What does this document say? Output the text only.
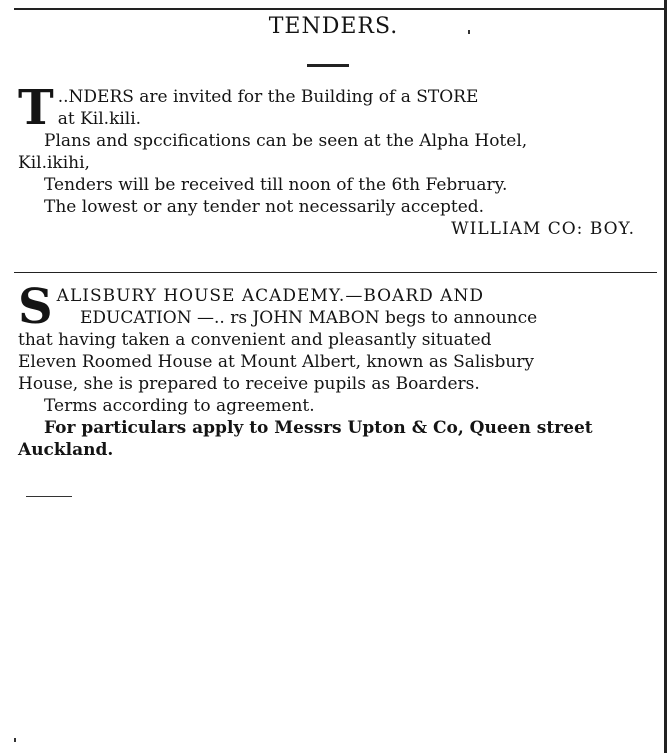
TENDERS.
T ..NDERS are invited for the Building of a STORE
at Kil.kili.
Plans and spccifications can be seen at the Alpha Hotel,
Kil.ikihi,
Tenders will be received till noon of the 6th February.
The lowest or any tender not necessarily accepted.
WILLIAM CO: BOY.
S ALISBURY HOUSE ACADEMY.—BOARD AND
EDUCATION —.. rs JOHN MABON begs to announce
that having taken a convenient and pleasantly situated
Eleven Roomed House at Mount Albert, known as Salisbury
House, she is prepared to receive pupils as Boarders.
Terms according to agreement.
For particulars apply to Messrs Upton & Co, Queen street
Auckland.
